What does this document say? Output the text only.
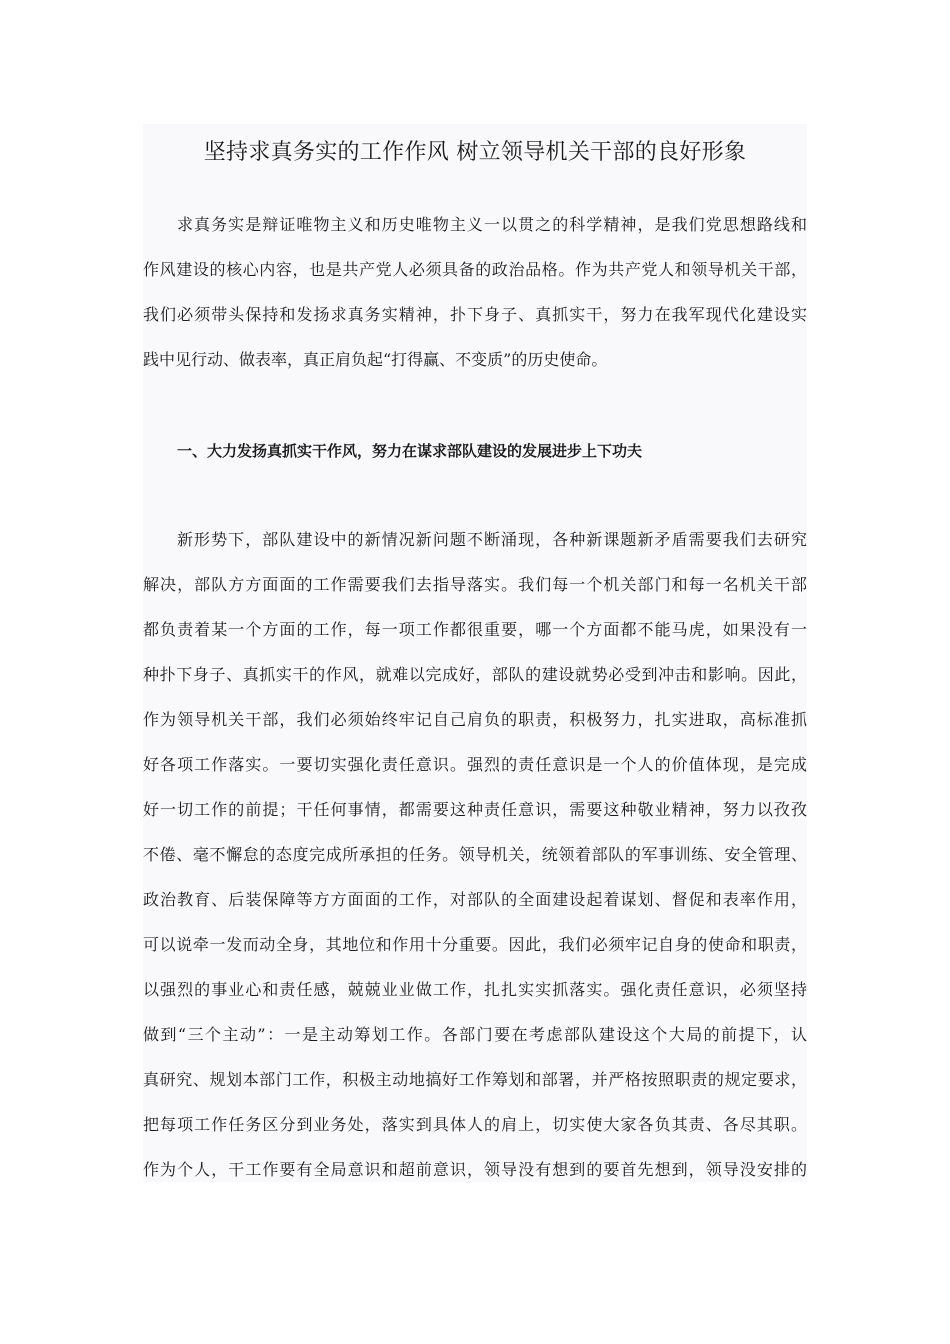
坚持求真务实的工作作风 树立领导机关干部的良好形象
求真务实是辩证唯物主义和历史唯物主义一以贯之的科学精神，是我们党思想路线和
作风建设的核心内容，也是共产党人必须具备的政治品格。作为共产党人和领导机关干部，
我们必须带头保持和发扬求真务实精神，扑下身子、真抓实干，努力在我军现代化建设实
践中见行动、做表率，真正肩负起“打得赢、不变质”的历史使命。
一、大力发扬真抓实干作风，努力在谋求部队建设的发展进步上下功夫
新形势下，部队建设中的新情况新问题不断涌现，各种新课题新矛盾需要我们去研究
解决，部队方方面面的工作需要我们去指导落实。我们每一个机关部门和每一名机关干部
都负责着某一个方面的工作，每一项工作都很重要，哪一个方面都不能马虎，如果没有一
种扑下身子、真抓实干的作风，就难以完成好，部队的建设就势必受到冲击和影响。因此，
作为领导机关干部，我们必须始终牢记自己肩负的职责，积极努力，扎实进取，高标准抓
好各项工作落实。一要切实强化责任意识。强烈的责任意识是一个人的价值体现，是完成
好一切工作的前提；干任何事情，都需要这种责任意识，需要这种敬业精神，努力以孜孜
不倦、毫不懈怠的态度完成所承担的任务。领导机关，统领着部队的军事训练、安全管理、
政治教育、后装保障等方方面面的工作，对部队的全面建设起着谋划、督促和表率作用，
可以说牵一发而动全身，其地位和作用十分重要。因此，我们必须牢记自身的使命和职责，
以强烈的事业心和责任感，兢兢业业做工作，扎扎实实抓落实。强化责任意识，必须坚持
做到“三个主动”：一是主动筹划工作。各部门要在考虑部队建设这个大局的前提下，认
真研究、规划本部门工作，积极主动地搞好工作筹划和部署，并严格按照职责的规定要求，
把每项工作任务区分到业务处，落实到具体人的肩上，切实使大家各负其责、各尽其职。
作为个人，干工作要有全局意识和超前意识，领导没有想到的要首先想到，领导没安排的
